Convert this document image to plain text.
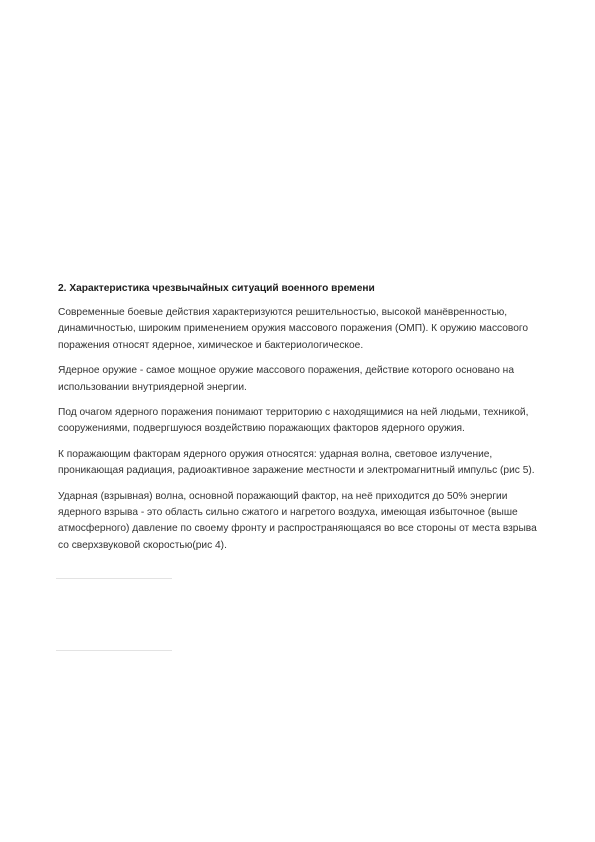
2. Характеристика чрезвычайных ситуаций военного времени

Современные боевые действия характеризуются решительностью, высокой манёвренностью, динамичностью, широким применением оружия массового поражения (ОМП). К оружию массового поражения относят ядерное, химическое и бактериологическое.

Ядерное оружие - самое мощное оружие массового поражения, действие которого основано на использовании внутриядерной энергии.

Под очагом ядерного поражения понимают территорию с находящимися на ней людьми, техникой, сооружениями, подвергшуюся воздействию поражающих факторов ядерного оружия.

К поражающим факторам ядерного оружия относятся: ударная волна, световое излучение, проникающая радиация, радиоактивное заражение местности и электромагнитный импульс (рис 5).

Ударная (взрывная) волна, основной поражающий фактор, на неё приходится до 50% энергии ядерного взрыва - это область сильно сжатого и нагретого воздуха, имеющая избыточное (выше атмосферного) давление по своему фронту и распространяющаяся во все стороны от места взрыва со сверхзвуковой скоростью(рис 4).
